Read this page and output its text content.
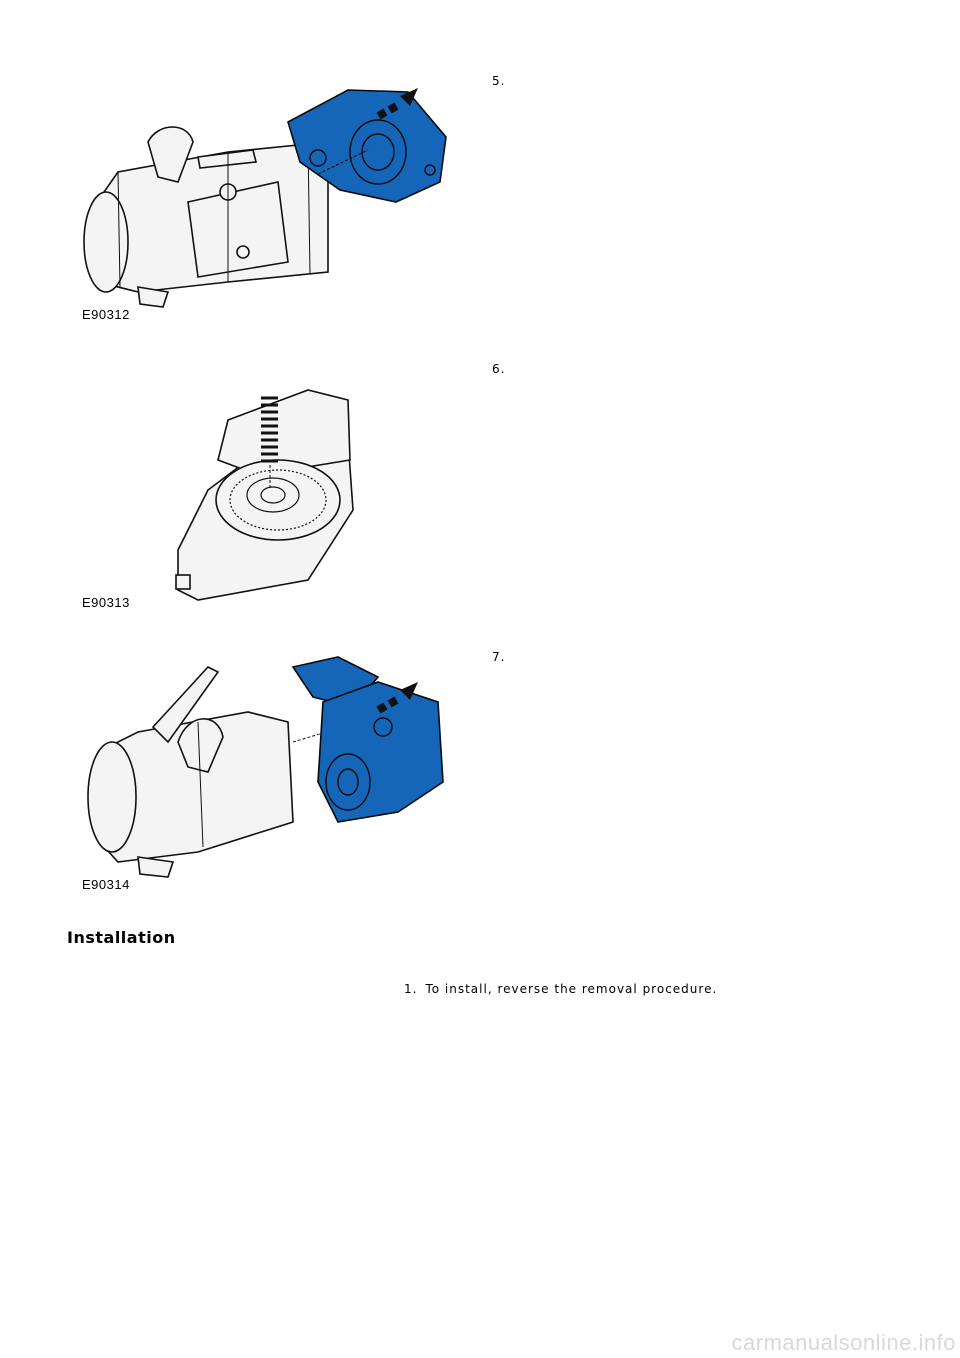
E90312
5.
E90313
6.
E90314
7.
Installation
1. To install, reverse the removal procedure.
carmanualsonline.info
